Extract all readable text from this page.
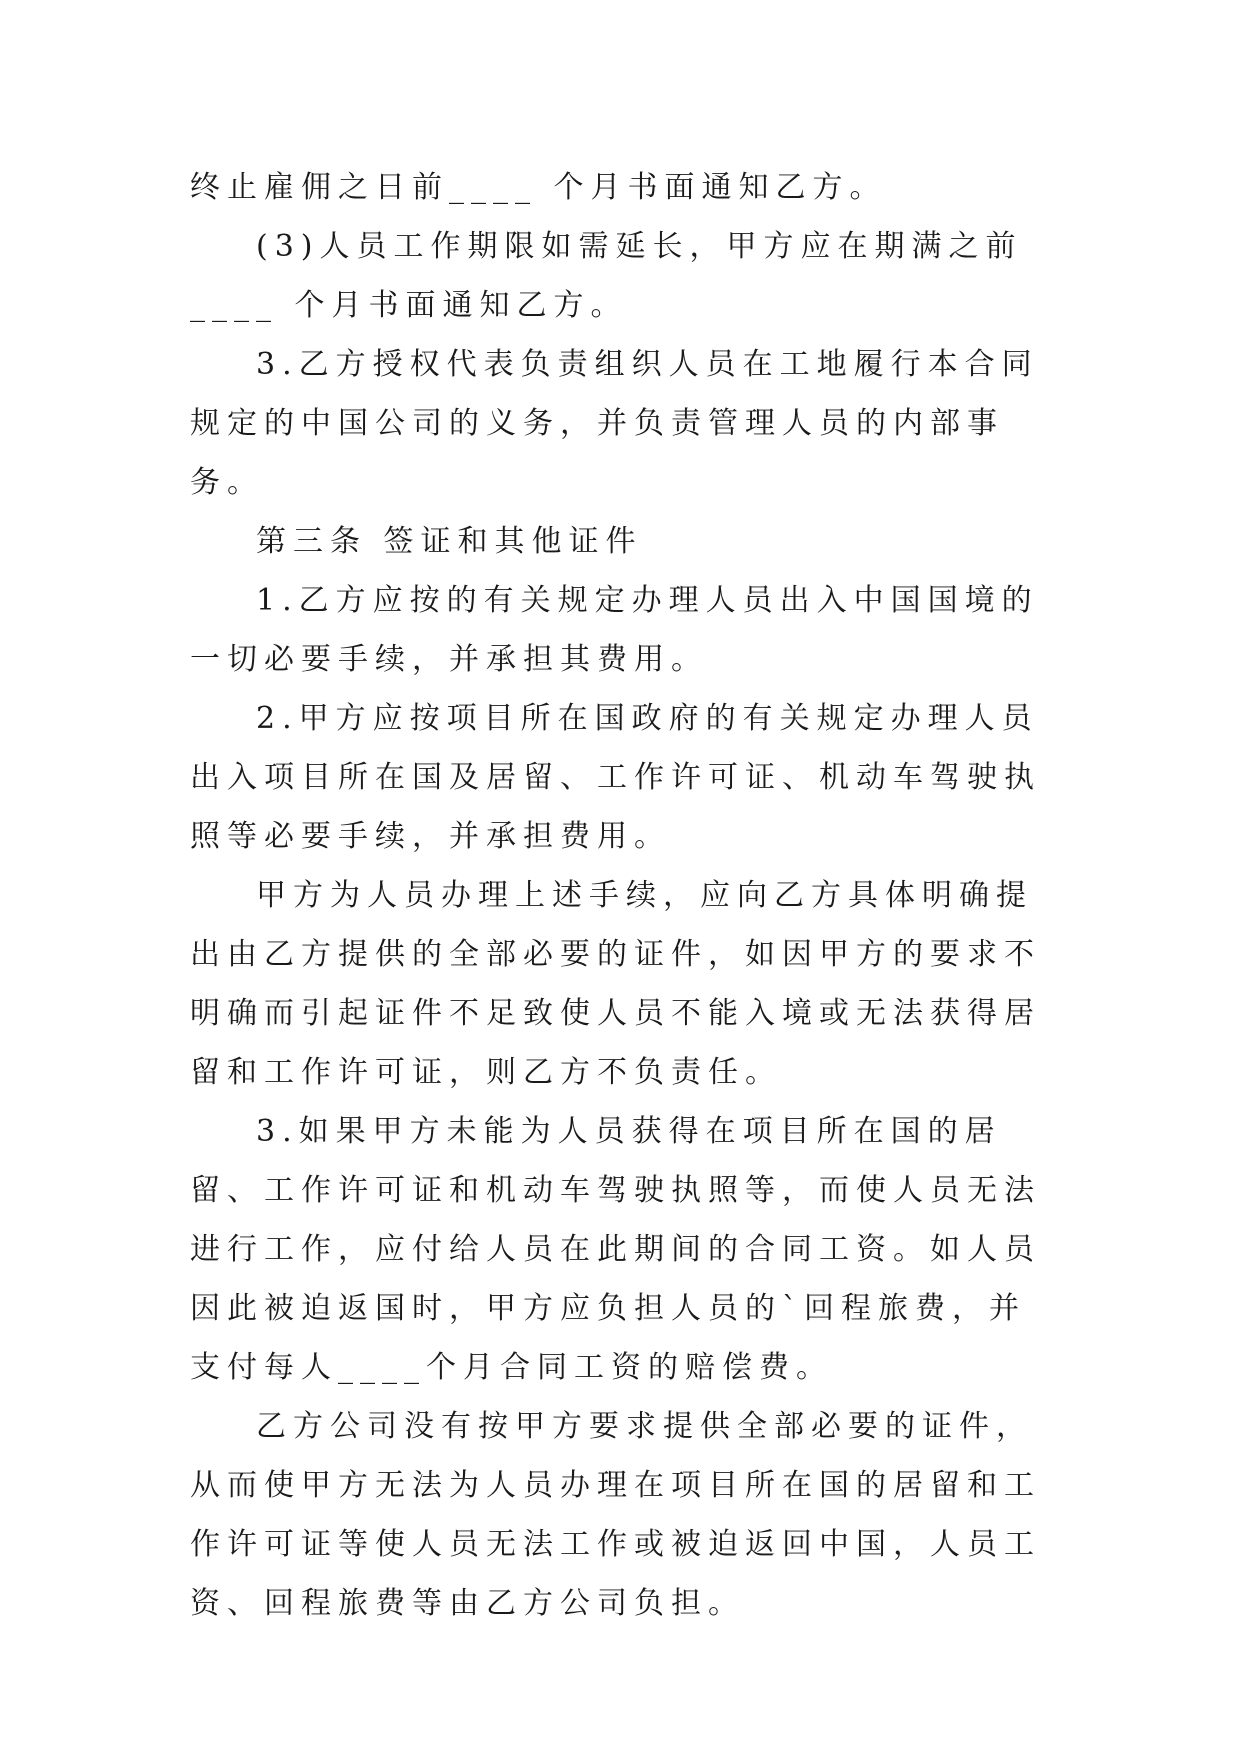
终止雇佣之日前____ 个月书面通知乙方。

(3)人员工作期限如需延长，甲方应在期满之前____ 个月书面通知乙方。

3.乙方授权代表负责组织人员在工地履行本合同规定的中国公司的义务，并负责管理人员的内部事务。

第三条 签证和其他证件

1.乙方应按的有关规定办理人员出入中国国境的一切必要手续，并承担其费用。

2.甲方应按项目所在国政府的有关规定办理人员出入项目所在国及居留、工作许可证、机动车驾驶执照等必要手续，并承担费用。

甲方为人员办理上述手续，应向乙方具体明确提出由乙方提供的全部必要的证件，如因甲方的要求不明确而引起证件不足致使人员不能入境或无法获得居留和工作许可证，则乙方不负责任。

3.如果甲方未能为人员获得在项目所在国的居留、工作许可证和机动车驾驶执照等，而使人员无法进行工作，应付给人员在此期间的合同工资。如人员因此被迫返国时，甲方应负担人员的`回程旅费，并支付每人____个月合同工资的赔偿费。

乙方公司没有按甲方要求提供全部必要的证件，从而使甲方无法为人员办理在项目所在国的居留和工作许可证等使人员无法工作或被迫返回中国，人员工资、回程旅费等由乙方公司负担。
